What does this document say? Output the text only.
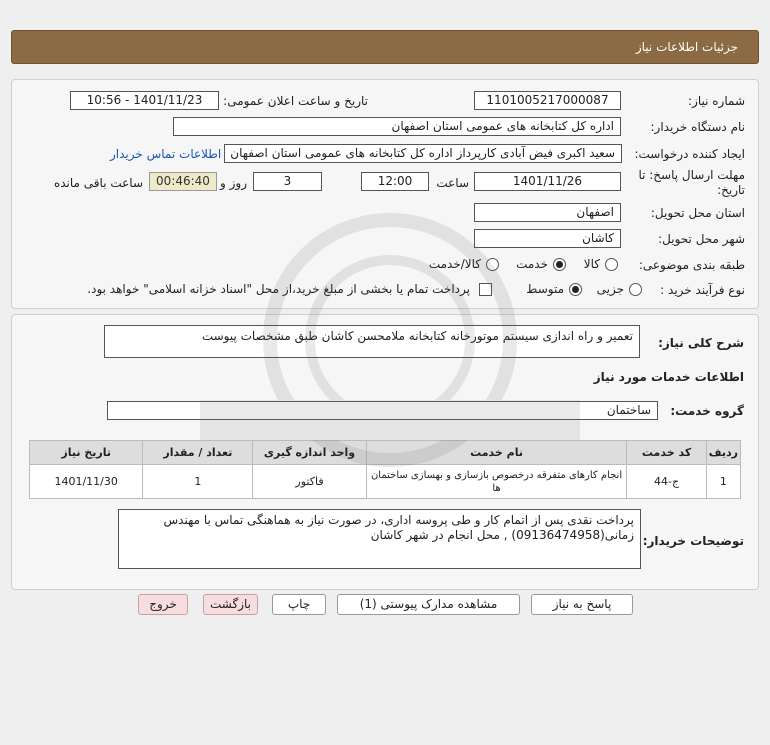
جزئیات اطلاعات نیاز
شماره نیاز:
1101005217000087
تاریخ و ساعت اعلان عمومی:
1401/11/23 - 10:56
نام دستگاه خریدار:
اداره کل کتابخانه های عمومی استان اصفهان
ایجاد کننده درخواست:
سعید اکبری فیض آبادی کارپرداز اداره کل کتابخانه های عمومی استان اصفهان
اطلاعات تماس خریدار
مهلت ارسال پاسخ: تا
تاریخ:
1401/11/26
ساعت
12:00
3
روز و
00:46:40
ساعت باقی مانده
استان محل تحویل:
اصفهان
شهر محل تحویل:
کاشان
طبقه بندی موضوعی:
کالا
خدمت
کالا/خدمت
نوع فرآیند خرید :
جزیی
متوسط
پرداخت تمام یا بخشی از مبلغ خرید،از محل "اسناد خزانه اسلامی" خواهد بود.
شرح کلی نیاز:
تعمیر و راه اندازی سیستم موتورخانه کتابخانه ملامحسن کاشان طبق مشخصات پیوست
اطلاعات خدمات مورد نیاز
گروه خدمت:
ساختمان
ردیف	کد خدمت	نام خدمت	واحد اندازه گیری	تعداد / مقدار	تاریخ نیاز
1	ج-44	انجام کارهای متفرقه درخصوص بازسازی و بهسازی ساختمان ها	فاکتور	1	1401/11/30
توضیحات خریدار:
پرداخت نقدی پس از اتمام کار و طی پروسه اداری، در صورت نیاز به هماهنگی تماس با مهندس
زمانی(09136474958) , محل انجام در شهر کاشان
پاسخ به نیاز
مشاهده مدارک پیوستی (1)
چاپ
بازگشت
خروج
